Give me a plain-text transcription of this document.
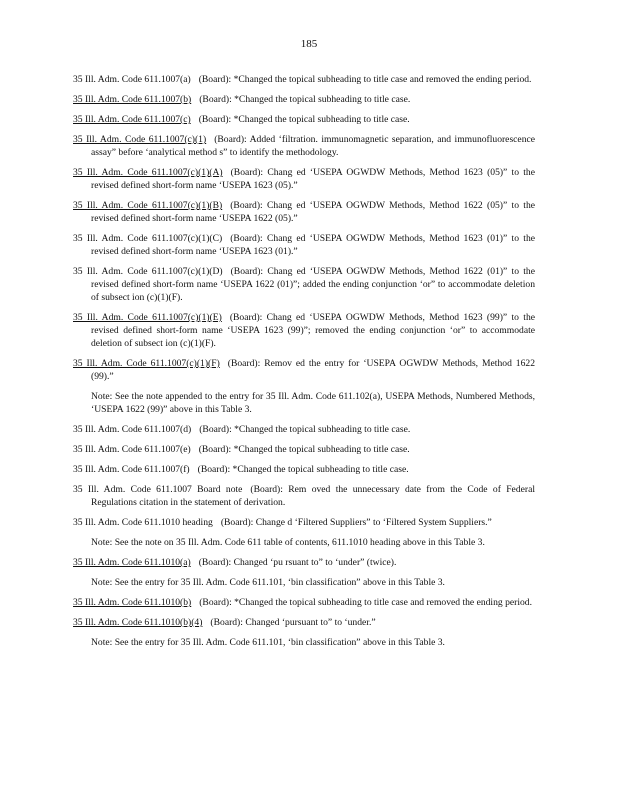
185

35 Ill. Adm. Code 611.1007(a) (Board): *Changed the topical subheading to title case and removed the ending period.

35 Ill. Adm. Code 611.1007(b) (Board): *Changed the topical subheading to title case.

35 Ill. Adm. Code 611.1007(c) (Board): *Changed the topical subheading to title case.

35 Ill. Adm. Code 611.1007(c)(1) (Board): Added ‘filtration. immunomagnetic separation, and immunofluorescence assay” before ‘analytical method s” to identify the methodology.

35 Ill. Adm. Code 611.1007(c)(1)(A) (Board): Chang ed ‘USEPA OGWDW Methods, Method 1623 (05)” to the revised defined short-form name ‘USEPA 1623 (05).”

35 Ill. Adm. Code 611.1007(c)(1)(B) (Board): Chang ed ‘USEPA OGWDW Methods, Method 1622 (05)” to the revised defined short-form name ‘USEPA 1622 (05).”

35 Ill. Adm. Code 611.1007(c)(1)(C) (Board): Chang ed ‘USEPA OGWDW Methods, Method 1623 (01)” to the revised defined short-form name ‘USEPA 1623 (01).”

35 Ill. Adm. Code 611.1007(c)(1)(D) (Board): Chang ed ‘USEPA OGWDW Methods, Method 1622 (01)” to the revised defined short-form name ‘USEPA 1622 (01)”; added the ending conjunction ‘or” to accommodate deletion of subsect ion (c)(1)(F).

35 Ill. Adm. Code 611.1007(c)(1)(E) (Board): Chang ed ‘USEPA OGWDW Methods, Method 1623 (99)” to the revised defined short-form name ‘USEPA 1623 (99)”; removed the ending conjunction ‘or” to accommodate deletion of subsect ion (c)(1)(F).

35 Ill. Adm. Code 611.1007(c)(1)(F) (Board): Remov ed the entry for ‘USEPA OGWDW Methods, Method 1622 (99).”

Note: See the note appended to the entry for 35 Ill. Adm. Code 611.102(a), USEPA Methods, Numbered Methods, ‘USEPA 1622 (99)” above in this Table 3.

35 Ill. Adm. Code 611.1007(d) (Board): *Changed the topical subheading to title case.

35 Ill. Adm. Code 611.1007(e) (Board): *Changed the topical subheading to title case.

35 Ill. Adm. Code 611.1007(f) (Board): *Changed the topical subheading to title case.

35 Ill. Adm. Code 611.1007 Board note (Board): Rem oved the unnecessary date from the Code of Federal Regulations citation in the statement of derivation.

35 Ill. Adm. Code 611.1010 heading (Board): Change d ‘Filtered Suppliers” to ‘Filtered System Suppliers.”

Note: See the note on 35 Ill. Adm. Code 611 table of contents, 611.1010 heading above in this Table 3.

35 Ill. Adm. Code 611.1010(a) (Board): Changed ‘pu rsuant to” to ‘under” (twice).

Note: See the entry for 35 Ill. Adm. Code 611.101, ‘bin classification” above in this Table 3.

35 Ill. Adm. Code 611.1010(b) (Board): *Changed the topical subheading to title case and removed the ending period.

35 Ill. Adm. Code 611.1010(b)(4) (Board): Changed ‘pursuant to” to ‘under.”

Note: See the entry for 35 Ill. Adm. Code 611.101, ‘bin classification” above in this Table 3.
